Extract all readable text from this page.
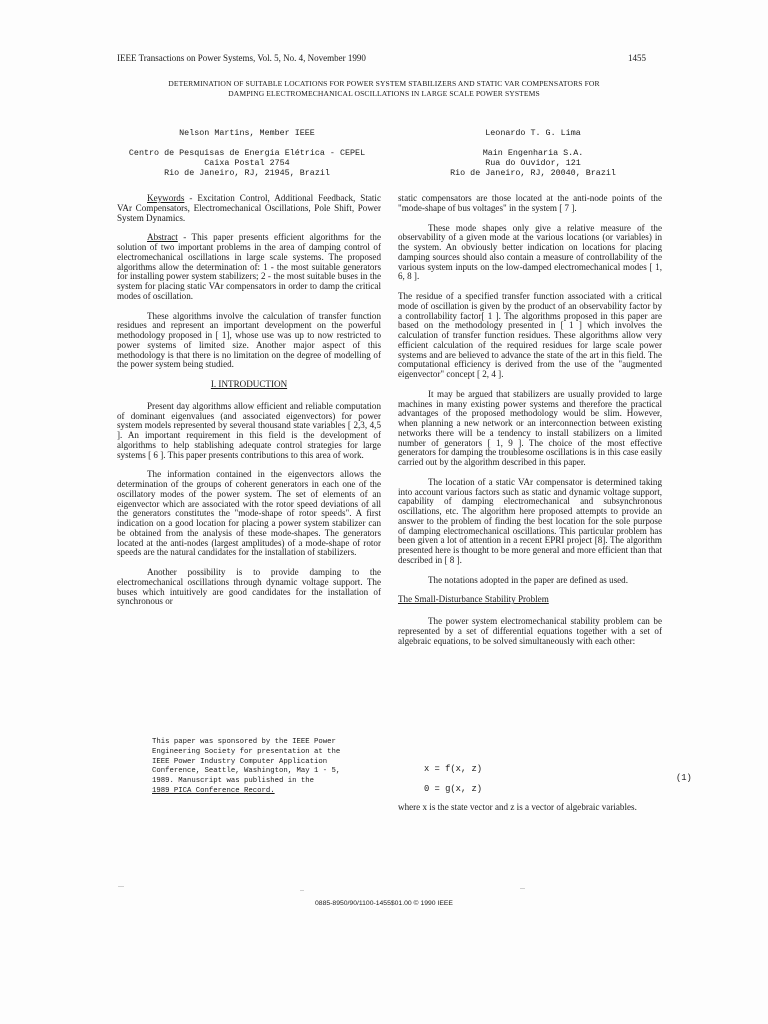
IEEE Transactions on Power Systems, Vol. 5, No. 4, November 1990	1455
DETERMINATION OF SUITABLE LOCATIONS FOR POWER SYSTEM STABILIZERS AND STATIC VAR COMPENSATORS FOR
DAMPING ELECTROMECHANICAL OSCILLATIONS IN LARGE SCALE POWER SYSTEMS
Nelson Martins, Member IEEE
Centro de Pesquisas de Energia Elétrica - CEPEL
Caixa Postal 2754
Rio de Janeiro, RJ, 21945, Brazil
Leonardo T. G. Lima
Main Engenharia S.A.
Rua do Ouvidor, 121
Rio de Janeiro, RJ, 20040, Brazil

Keywords - Excitation Control, Additional Feedback, Static VAr Compensators, Electromechanical Oscillations, Pole Shift, Power System Dynamics.

Abstract - This paper presents efficient algorithms for the solution of two important problems in the area of damping control of electromechanical oscillations in large scale systems. The proposed algorithms allow the determination of: 1 - the most suitable generators for installing power system stabilizers; 2 - the most suitable buses in the system for placing static VAr compensators in order to damp the critical modes of oscillation.

These algorithms involve the calculation of transfer function residues and represent an important development on the powerful methodology proposed in [ 1], whose use was up to now restricted to power systems of limited size. Another major aspect of this methodology is that there is no limitation on the degree of modelling of the power system being studied.

I. INTRODUCTION

Present day algorithms allow efficient and reliable computation of dominant eigenvalues (and associated eigenvectors) for power system models represented by several thousand state variables [ 2,3, 4,5 ]. An important requirement in this field is the development of algorithms to help stablishing adequate control strategies for large systems [ 6 ]. This paper presents contributions to this area of work.

The information contained in the eigenvectors allows the determination of the groups of coherent generators in each one of the oscillatory modes of the power system. The set of elements of an eigenvector which are associated with the rotor speed deviations of all the generators constitutes the "mode-shape of rotor speeds". A first indication on a good location for placing a power system stabilizer can be obtained from the analysis of these mode-shapes. The generators located at the anti-nodes (largest amplitudes) of a mode-shape of rotor speeds are the natural candidates for the installation of stabilizers.

Another possibility is to provide damping to the electromechanical oscillations through dynamic voltage support. The buses which intuitively are good candidates for the installation of synchronous or

This paper was sponsored by the IEEE Power
Engineering Society for presentation at the
IEEE Power Industry Computer Application
Conference, Seattle, Washington, May 1 - 5,
1989. Manuscript was published in the
1989 PICA Conference Record.

static compensators are those located at the anti-node points of the "mode-shape of bus voltages" in the system [ 7 ].

These mode shapes only give a relative measure of the observability of a given mode at the various locations (or variables) in the system. An obviously better indication on locations for placing damping sources should also contain a measure of controllability of the various system inputs on the low-damped electromechanical modes [ 1, 6, 8 ].

The residue of a specified transfer function associated with a critical mode of oscillation is given by the product of an observability factor by a controllability factor[ 1 ]. The algorithms proposed in this paper are based on the methodology presented in [ 1 ] which involves the calculation of transfer function residues. These algorithms allow very efficient calculation of the required residues for large scale power systems and are believed to advance the state of the art in this field. The computational efficiency is derived from the use of the "augmented eigenvector" concept [ 2, 4 ].

It may be argued that stabilizers are usually provided to large machines in many existing power systems and therefore the practical advantages of the proposed methodology would be slim. However, when planning a new network or an interconnection between existing networks there will be a tendency to install stabilizers on a limited number of generators [ 1, 9 ]. The choice of the most effective generators for damping the troublesome oscillations is in this case easily carried out by the algorithm described in this paper.

The location of a static VAr compensator is determined taking into account various factors such as static and dynamic voltage support, capability of damping electromechanical and subsynchronous oscillations, etc. The algorithm here proposed attempts to provide an answer to the problem of finding the best location for the sole purpose of damping electromechanical oscillations. This particular problem has been given a lot of attention in a recent EPRI project [8]. The algorithm presented here is thought to be more general and more efficient than that described in [ 8 ].

The notations adopted in the paper are defined as used.

The Small-Disturbance Stability Problem

The power system electromechanical stability problem can be represented by a set of differential equations together with a set of algebraic equations, to be solved simultaneously with each other:

x = f(x, z)
0 = g(x, z)
(1)

where x is the state vector and z is a vector of algebraic variables.

0885-8950/90/1100-1455$01.00 © 1990 IEEE
